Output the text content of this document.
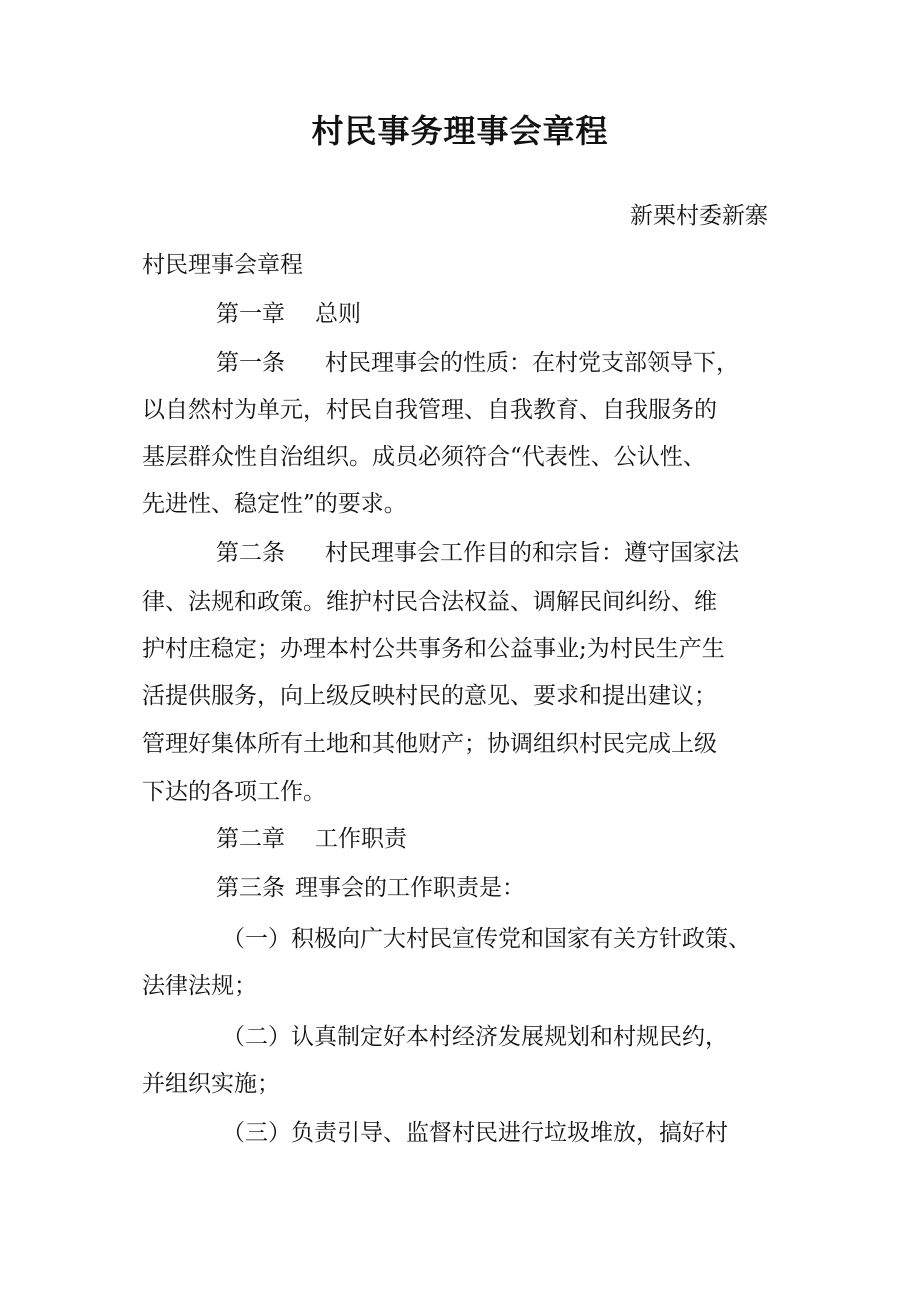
村民事务理事会章程
新栗村委新寨
村民理事会章程
第一章 总则
第一条 村民理事会的性质：在村党支部领导下，
以自然村为单元，村民自我管理、自我教育、自我服务的
基层群众性自治组织。成员必须符合“代表性、公认性、
先进性、稳定性”的要求。
第二条 村民理事会工作目的和宗旨：遵守国家法
律、法规和政策。维护村民合法权益、调解民间纠纷、维
护村庄稳定；办理本村公共事务和公益事业;为村民生产生
活提供服务，向上级反映村民的意见、要求和提出建议；
管理好集体所有土地和其他财产；协调组织村民完成上级
下达的各项工作。
第二章 工作职责
第三条 理事会的工作职责是：
（一）积极向广大村民宣传党和国家有关方针政策、
法律法规；
（二）认真制定好本村经济发展规划和村规民约，
并组织实施；
（三）负责引导、监督村民进行垃圾堆放，搞好村
